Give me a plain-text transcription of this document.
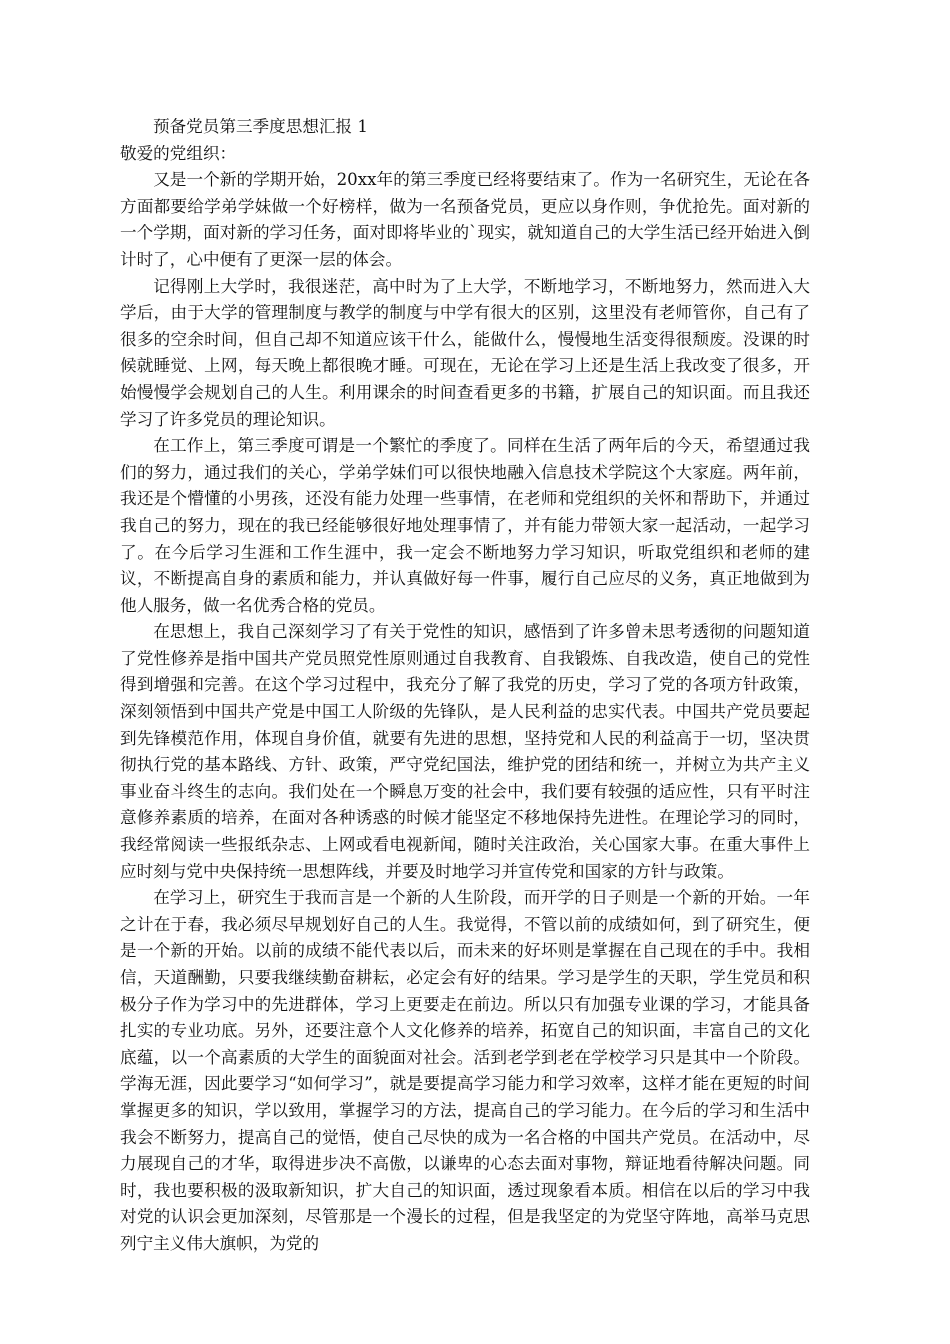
预备党员第三季度思想汇报 1

敬爱的党组织：

又是一个新的学期开始，20xx年的第三季度已经将要结束了。作为一名研究生，无论在各方面都要给学弟学妹做一个好榜样，做为一名预备党员，更应以身作则，争优抢先。面对新的一个学期，面对新的学习任务，面对即将毕业的`现实，就知道自己的大学生活已经开始进入倒计时了，心中便有了更深一层的体会。

记得刚上大学时，我很迷茫，高中时为了上大学，不断地学习，不断地努力，然而进入大学后，由于大学的管理制度与教学的制度与中学有很大的区别，这里没有老师管你，自己有了很多的空余时间，但自己却不知道应该干什么，能做什么，慢慢地生活变得很颓废。没课的时候就睡觉、上网，每天晚上都很晚才睡。可现在，无论在学习上还是生活上我改变了很多，开始慢慢学会规划自己的人生。利用课余的时间查看更多的书籍，扩展自己的知识面。而且我还学习了许多党员的理论知识。

在工作上，第三季度可谓是一个繁忙的季度了。同样在生活了两年后的今天，希望通过我们的努力，通过我们的关心，学弟学妹们可以很快地融入信息技术学院这个大家庭。两年前，我还是个懵懂的小男孩，还没有能力处理一些事情，在老师和党组织的关怀和帮助下，并通过我自己的努力，现在的我已经能够很好地处理事情了，并有能力带领大家一起活动，一起学习了。在今后学习生涯和工作生涯中，我一定会不断地努力学习知识，听取党组织和老师的建议，不断提高自身的素质和能力，并认真做好每一件事，履行自己应尽的义务，真正地做到为他人服务，做一名优秀合格的党员。

在思想上，我自己深刻学习了有关于党性的知识，感悟到了许多曾未思考透彻的问题知道了党性修养是指中国共产党员照党性原则通过自我教育、自我锻炼、自我改造，使自己的党性得到增强和完善。在这个学习过程中，我充分了解了我党的历史，学习了党的各项方针政策，深刻领悟到中国共产党是中国工人阶级的先锋队，是人民利益的忠实代表。中国共产党员要起到先锋模范作用，体现自身价值，就要有先进的思想，坚持党和人民的利益高于一切，坚决贯彻执行党的基本路线、方针、政策，严守党纪国法，维护党的团结和统一，并树立为共产主义事业奋斗终生的志向。我们处在一个瞬息万变的社会中，我们要有较强的适应性，只有平时注意修养素质的培养，在面对各种诱惑的时候才能坚定不移地保持先进性。在理论学习的同时，我经常阅读一些报纸杂志、上网或看电视新闻，随时关注政治，关心国家大事。在重大事件上应时刻与党中央保持统一思想阵线，并要及时地学习并宣传党和国家的方针与政策。

在学习上，研究生于我而言是一个新的人生阶段，而开学的日子则是一个新的开始。一年之计在于春，我必须尽早规划好自己的人生。我觉得，不管以前的成绩如何，到了研究生，便是一个新的开始。以前的成绩不能代表以后，而未来的好坏则是掌握在自己现在的手中。我相信，天道酬勤，只要我继续勤奋耕耘，必定会有好的结果。学习是学生的天职，学生党员和积极分子作为学习中的先进群体，学习上更要走在前边。所以只有加强专业课的学习，才能具备扎实的专业功底。另外，还要注意个人文化修养的培养，拓宽自己的知识面，丰富自己的文化底蕴，以一个高素质的大学生的面貌面对社会。活到老学到老在学校学习只是其中一个阶段。学海无涯，因此要学习“如何学习”，就是要提高学习能力和学习效率，这样才能在更短的时间掌握更多的知识，学以致用，掌握学习的方法，提高自己的学习能力。在今后的学习和生活中我会不断努力，提高自己的觉悟，使自己尽快的成为一名合格的中国共产党员。在活动中，尽力展现自己的才华，取得进步决不高傲，以谦卑的心态去面对事物，辩证地看待解决问题。同时，我也要积极的汲取新知识，扩大自己的知识面，透过现象看本质。相信在以后的学习中我对党的认识会更加深刻，尽管那是一个漫长的过程，但是我坚定的为党坚守阵地，高举马克思列宁主义伟大旗帜，为党的
